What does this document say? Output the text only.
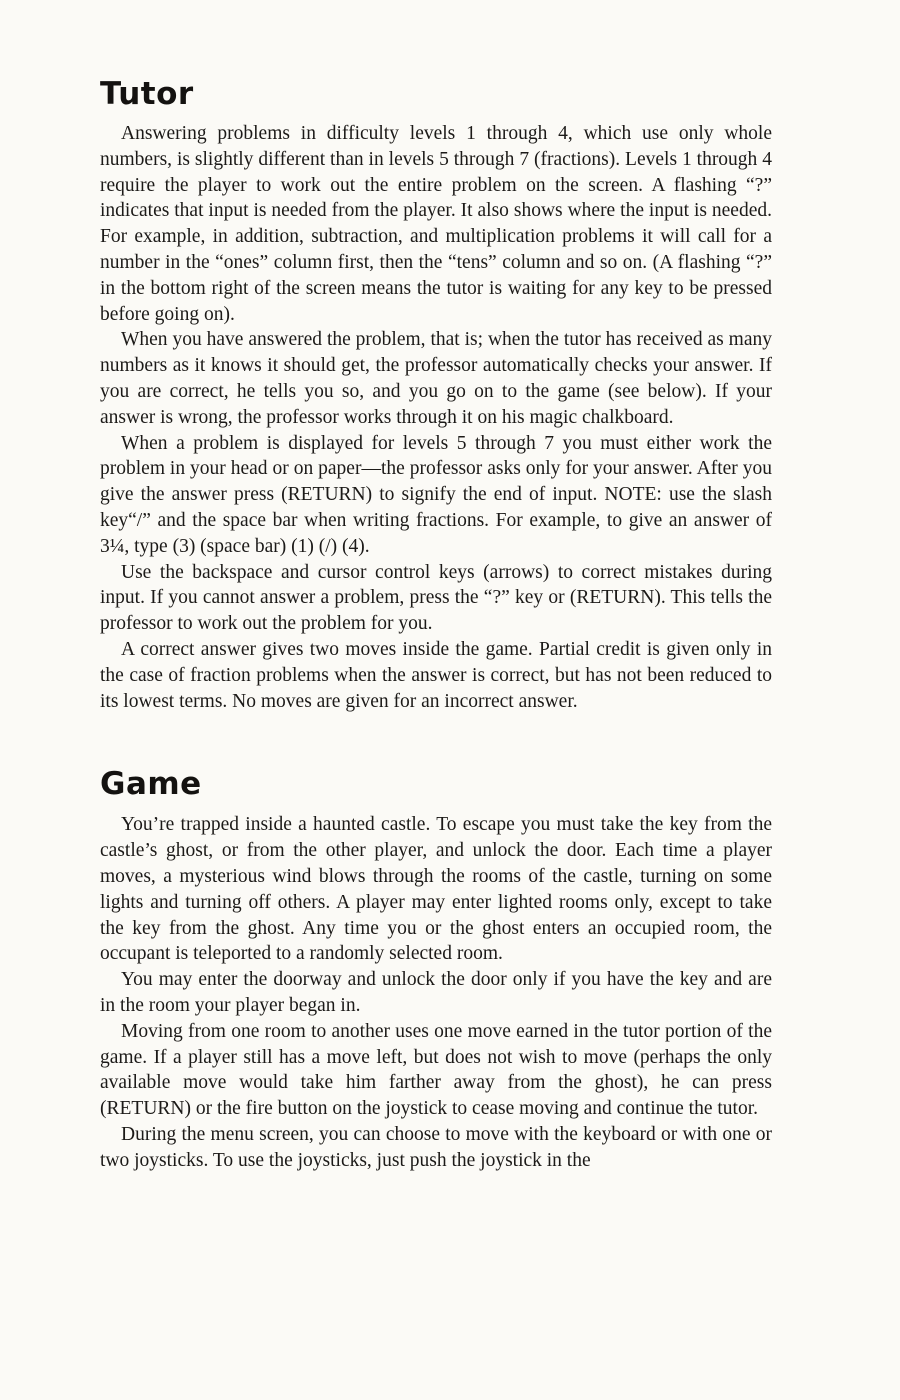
Tutor

Answering problems in difficulty levels 1 through 4, which use only whole numbers, is slightly different than in levels 5 through 7 (fractions). Levels 1 through 4 require the player to work out the entire problem on the screen. A flashing “?” indicates that input is needed from the player. It also shows where the input is needed. For example, in addition, subtraction, and multiplication problems it will call for a number in the “ones” column first, then the “tens” column and so on. (A flashing “?” in the bottom right of the screen means the tutor is waiting for any key to be pressed before going on).

When you have answered the problem, that is; when the tutor has received as many numbers as it knows it should get, the professor automatically checks your answer. If you are correct, he tells you so, and you go on to the game (see below). If your answer is wrong, the professor works through it on his magic chalkboard.

When a problem is displayed for levels 5 through 7 you must either work the problem in your head or on paper—the professor asks only for your answer. After you give the answer press (RETURN) to signify the end of input. NOTE: use the slash key“/” and the space bar when writing fractions. For example, to give an answer of 3¼, type (3) (space bar) (1) (/) (4).

Use the backspace and cursor control keys (arrows) to correct mistakes during input. If you cannot answer a problem, press the “?” key or (RETURN). This tells the professor to work out the problem for you.

A correct answer gives two moves inside the game. Partial credit is given only in the case of fraction problems when the answer is correct, but has not been reduced to its lowest terms. No moves are given for an incorrect answer.

Game

You’re trapped inside a haunted castle. To escape you must take the key from the castle’s ghost, or from the other player, and unlock the door. Each time a player moves, a mysterious wind blows through the rooms of the castle, turning on some lights and turning off others. A player may enter lighted rooms only, except to take the key from the ghost. Any time you or the ghost enters an occupied room, the occupant is teleported to a randomly selected room.

You may enter the doorway and unlock the door only if you have the key and are in the room your player began in.

Moving from one room to another uses one move earned in the tutor portion of the game. If a player still has a move left, but does not wish to move (perhaps the only available move would take him farther away from the ghost), he can press (RETURN) or the fire button on the joystick to cease moving and continue the tutor.

During the menu screen, you can choose to move with the keyboard or with one or two joysticks. To use the joysticks, just push the joystick in the
